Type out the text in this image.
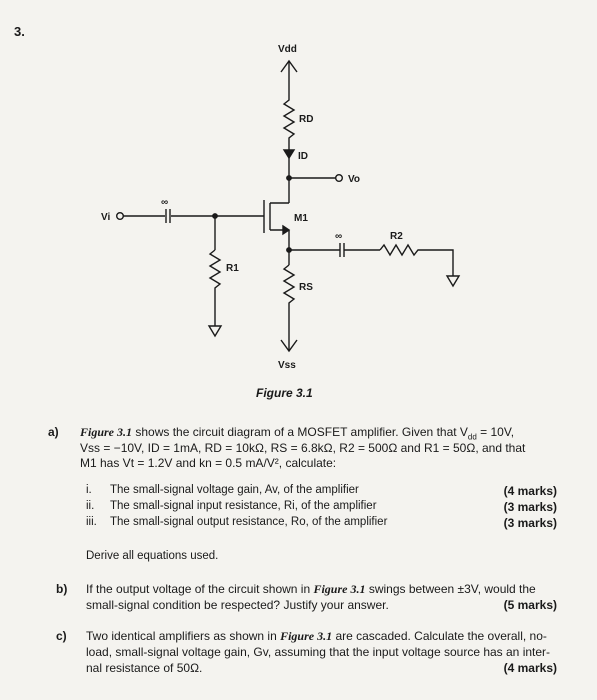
3.
Vdd
RD
ID
Vo
M1
Vi
∞
R1
∞	R2
RS
Vss
Figure 3.1
a) Figure 3.1 shows the circuit diagram of a MOSFET amplifier. Given that $V_{dd} = 10V$,
Vss = −10V, ID = 1mA, RD = 10kΩ, RS = 6.8kΩ, R2 = 500Ω and R1 = 50Ω, and that
M1 has Vt = 1.2V and kn = 0.5 mA/V², calculate:
i. The small-signal voltage gain, Av, of the amplifier	(4 marks)
ii. The small-signal input resistance, Ri, of the amplifier	(3 marks)
iii. The small-signal output resistance, Ro, of the amplifier	(3 marks)
Derive all equations used.
b) If the output voltage of the circuit shown in Figure 3.1 swings between ±3V, would the
small-signal condition be respected? Justify your answer.	(5 marks)
c) Two identical amplifiers as shown in Figure 3.1 are cascaded. Calculate the overall, no-
load, small-signal voltage gain, Gv, assuming that the input voltage source has an inter-
nal resistance of 50Ω.	(4 marks)
